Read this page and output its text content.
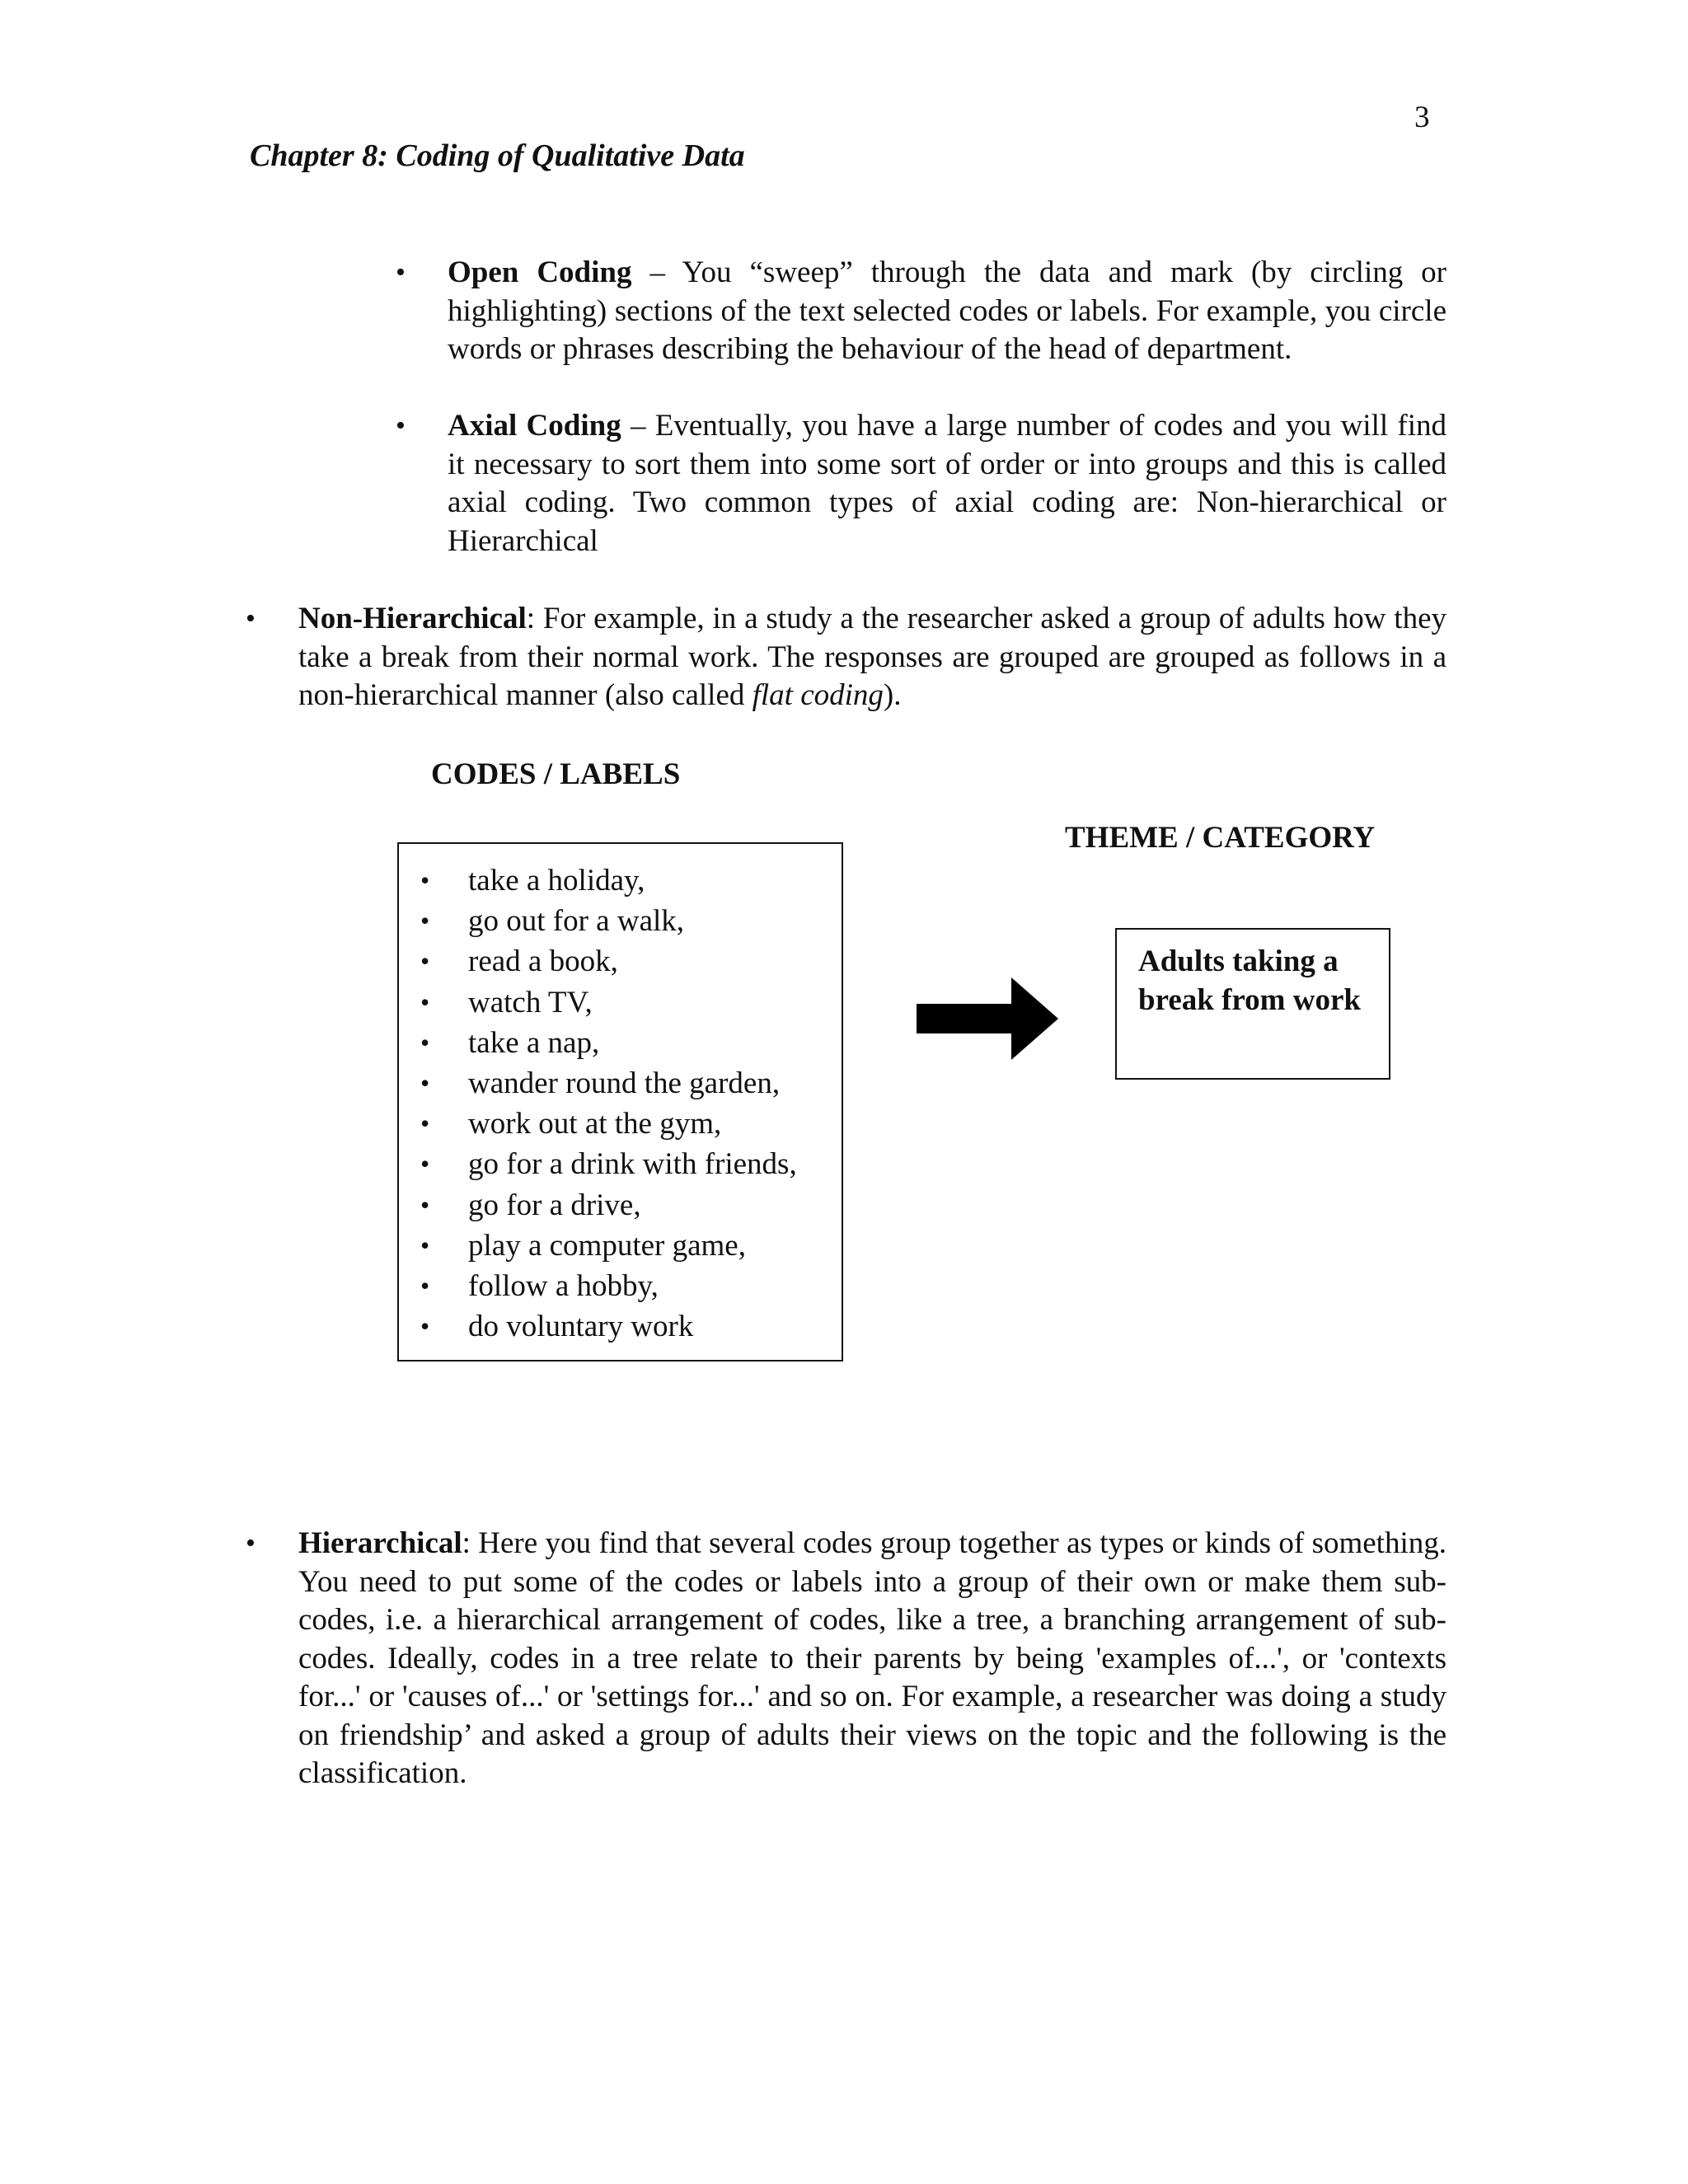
3
Chapter 8: Coding of Qualitative Data
• Open Coding – You “sweep” through the data and mark (by circling or highlighting) sections of the text selected codes or labels. For example, you circle words or phrases describing the behaviour of the head of department.
• Axial Coding – Eventually, you have a large number of codes and you will find it necessary to sort them into some sort of order or into groups and this is called axial coding. Two common types of axial coding are: Non-hierarchical or Hierarchical
• Non-Hierarchical: For example, in a study a the researcher asked a group of adults how they take a break from their normal work. The responses are grouped are grouped as follows in a non-hierarchical manner (also called flat coding).
CODES / LABELS
THEME / CATEGORY
• take a holiday,
• go out for a walk,
• read a book,
• watch TV,
• take a nap,
• wander round the garden,
• work out at the gym,
• go for a drink with friends,
• go for a drive,
• play a computer game,
• follow a hobby,
• do voluntary work
Adults taking a break from work
• Hierarchical: Here you find that several codes group together as types or kinds of something. You need to put some of the codes or labels into a group of their own or make them sub-codes, i.e. a hierarchical arrangement of codes, like a tree, a branching arrangement of sub-codes. Ideally, codes in a tree relate to their parents by being 'examples of...', or 'contexts for...' or 'causes of...' or 'settings for...' and so on. For example, a researcher was doing a study on friendship’ and asked a group of adults their views on the topic and the following is the classification.
